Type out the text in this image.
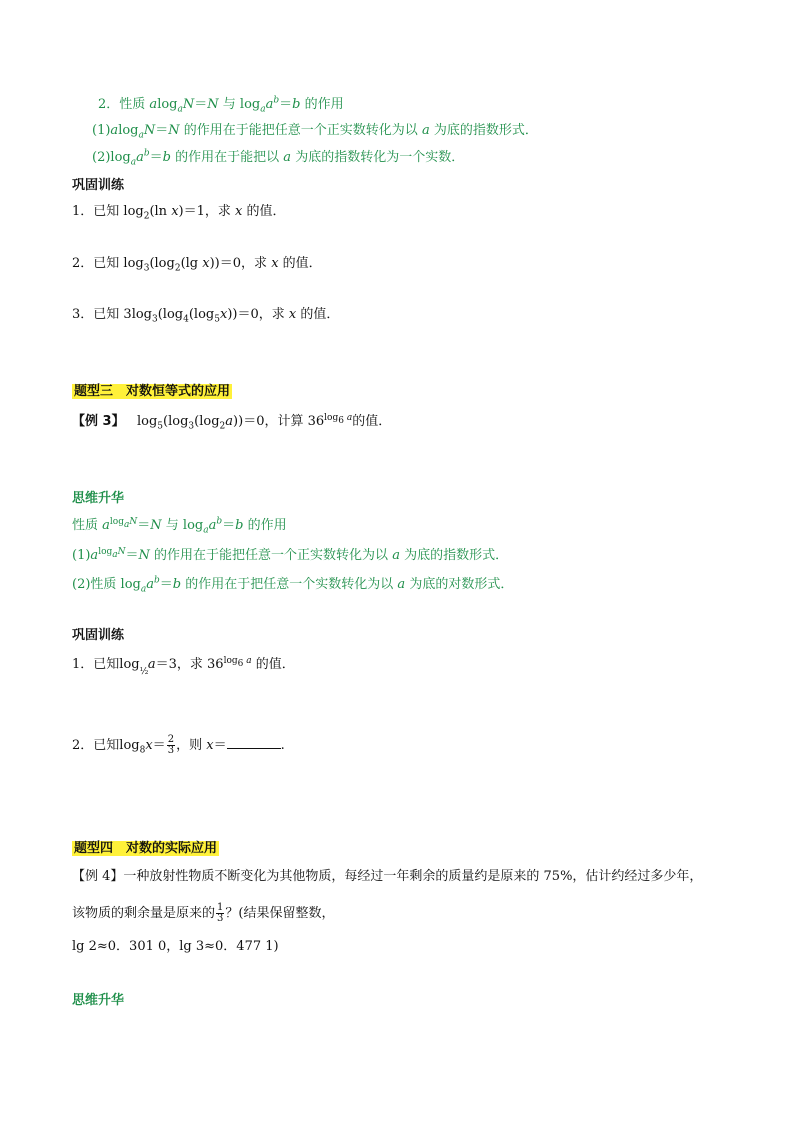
2．性质 alog$_a$N＝N 与 $\log_aa^b=b$ 的作用
(1)alog$_a$N＝N 的作用在于能把任意一个正实数转化为以 a 为底的指数形式．
$(2)\log_aa^b=b$ 的作用在于能把以 a 为底的指数转化为一个实数．
巩固训练
1．已知 $\log_2(\ln$ x)＝1，求 x 的值．
2．已知 $\log_3(\log_2(\lg$ x))＝0，求 x 的值．
3．已知 $3\log_3(\log_4(\log_5x))=0$，求 x 的值．
题型三　对数恒等式的应用
【例 3】   $\log_5(\log_3(\log_2a))=0$，计算 $36^{log_6 a}$的值．
思维升华
性质 $a^{log_aN}=N$ 与 $\log_aa^b=b$ 的作用
$(1)a^{log_aN}=N$ 的作用在于能把任意一个正实数转化为以 a 为底的指数形式．
(2)性质 $\log_aa^b=b$ 的作用在于把任意一个实数转化为以 a 为底的对数形式．
巩固训练
1．已知log ½ a＝3，求 $36^{log_6 a}$ 的值．
2．已知$\log_8x= \frac{2}{3}$ ，则 x＝	.
题型四　对数的实际应用
【例 4】一种放射性物质不断变化为其他物质，每经过一年剩余的质量约是原来的 75%，估计约经过多少年，
该物质的剩余量是原来的 $\frac{1}{3}$ ？(结果保留整数，
lg 2≈0．301 0，lg 3≈0．477 1)
思维升华
